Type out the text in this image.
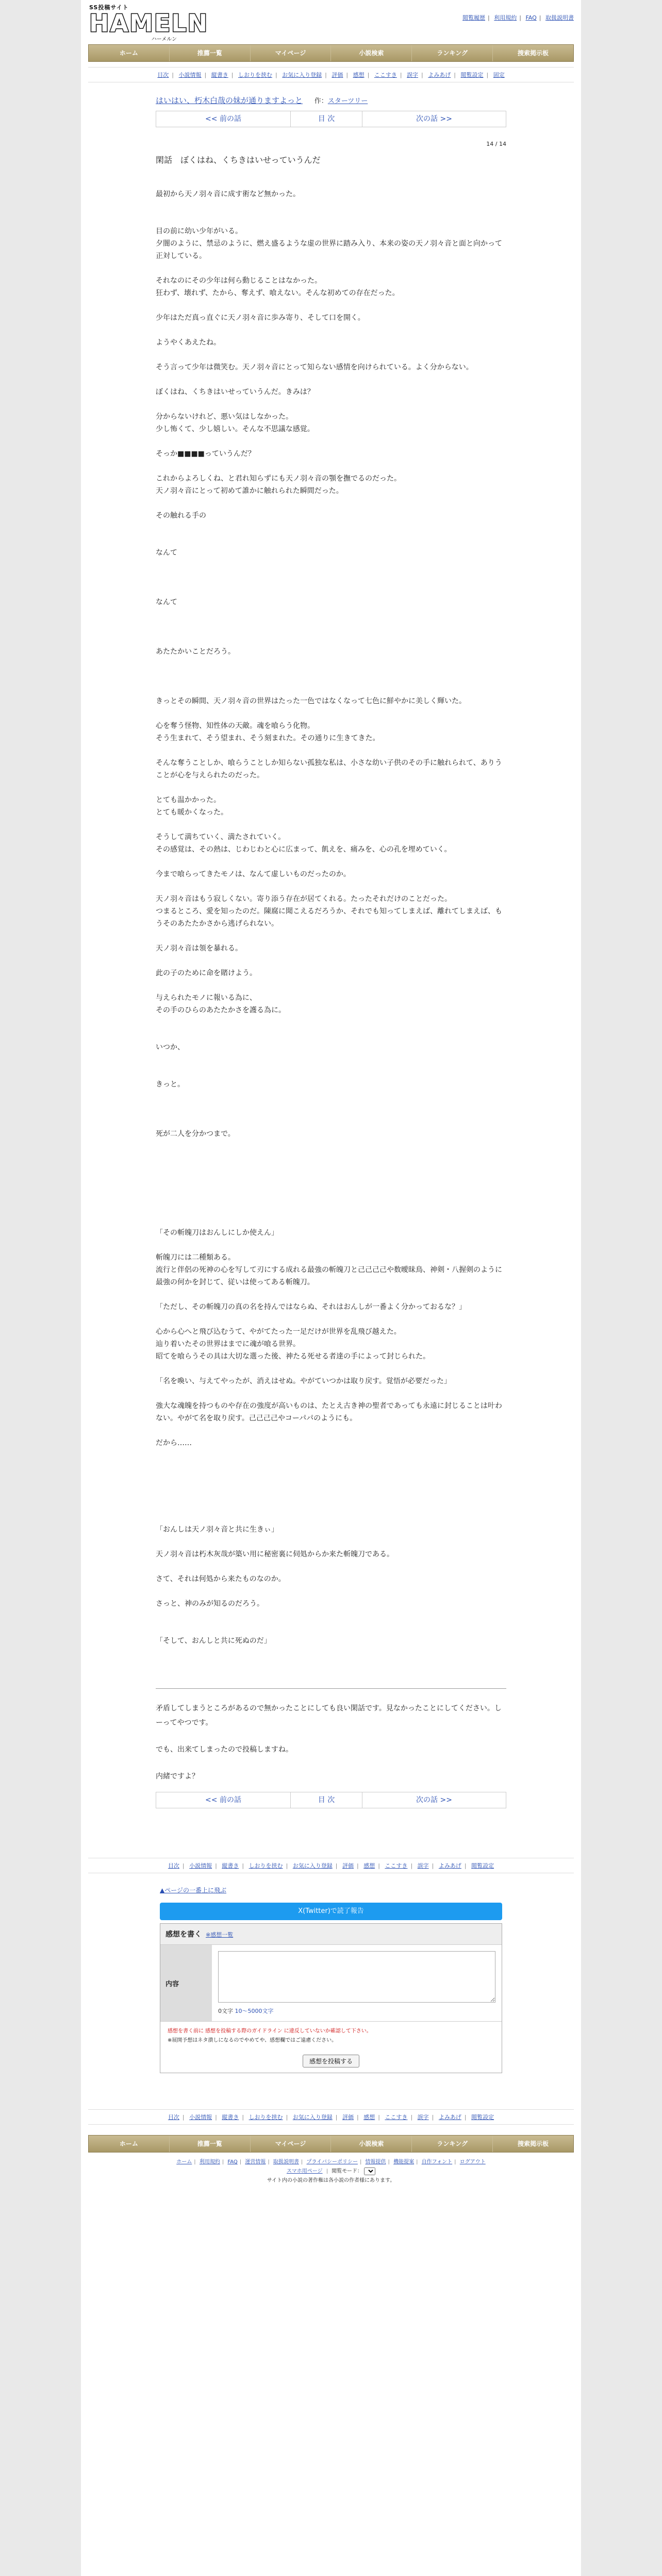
SS投稿サイト
HAMELN
ハーメルン
閲覧履歴 | 利用規約 | FAQ | 取扱説明書
ホーム	推薦一覧	マイページ	小説検索	ランキング	捜索掲示板
目次 | 小説情報 | 縦書き | しおりを挟む | お気に入り登録 | 評価 | 感想 | ここすき | 誤字 | よみあげ | 閲覧設定 | 固定
はいはい、朽木白哉の妹が通りますよっと 作：スターツリー
<< 前の話	目 次	次の話 >>
14 / 14
閑話　ぼくはね、くちきはいせっていうんだ

最初から天ノ羽々音に成す術など無かった。

目の前に幼い少年がいる。

夕闇のように、禁忌のように、燃え盛るような虚の世界に踏み入り、本来の姿の天ノ羽々音と面と向かって正対している。

それなのにその少年は何ら動じることはなかった。

狂わず、壊れず、たから、奪えず、喰えない。そんな初めての存在だった。

少年はただ真っ直ぐに天ノ羽々音に歩み寄り、そして口を開く。

ようやくあえたね。

そう言って少年は微笑む。天ノ羽々音にとって知らない感情を向けられている。よく分からない。

ぼくはね、くちきはいせっていうんだ。きみは？

分からないけれど、悪い気はしなかった。

少し怖くて、少し嬉しい。そんな不思議な感覚。

そっか■■■■っていうんだ？

これからよろしくね、と君れ知らずにも天ノ羽々音の顎を撫でるのだった。

天ノ羽々音にとって初めて誰かに触れられた瞬間だった。

その触れる手の

なんて

なんて

あたたかいことだろう。

きっとその瞬間、天ノ羽々音の世界はたった一色ではなくなって七色に鮮やかに美しく輝いた。

心を奪う怪物、知性体の天敵。魂を喰らう化物。

そう生まれて、そう望まれ、そう刻まれた。その通りに生きてきた。

そんな奪うことしか、喰らうことしか知らない孤独な私は、小さな幼い子供のその手に触れられて、ありうことが心を与えられたのだった。

とても温かかった。

とても暖かくなった。

そうして満ちていく、満たされていく。

その感覚は、その熱は、じわじわと心に広まって、飢えを、痛みを、心の孔を埋めていく。

今まで喰らってきたモノは、なんて虚しいものだったのか。

天ノ羽々音はもう寂しくない。寄り添う存在が居てくれる。たったそれだけのことだった。

つまるところ、愛を知ったのだ。陳腐に聞こえるだろうか、それでも知ってしまえば、離れてしまえば、もうそのあたたかさから逃げられない。

天ノ羽々音は領を暴れる。

此の子のために命を賭けよう。

与えられたモノに報いる為に、

その手のひらのあたたかさを護る為に。

いつか、

きっと。

死が二人を分かつまで。

「その斬魄刀はおんしにしか使えん」

斬魄刀には二種類ある。

流行と伴侶の死神の心を写して刃にする成れる最強の斬魄刀と己己己己や数曖昧鳥、神剣・八握剣のように最強の何かを封じて、従いは使ってある斬魄刀。

「ただし、その斬魄刀の真の名を持んではならぬ、それはおんしが一番よく分かっておるな？」

心から心へと飛び込むうて、やがてたった一足だけが世界を乱飛び越えた。

辿り着いたその世界はまでに魂が喰る世界。

昭てを喰らうその具は大切な選った後、神たる死せる者達の手によって封じられた。

「名を喚い、与えてやったが、消えはせぬ。やがていつかは取り戻す。覚悟が必要だった」

強大な魂魄を持つものや存在の強度が高いものは、たとえ古き神の聖者であっても永遠に封じることは叶わない。やがて名を取り戻す。己己己己やコーパパのようにも。

だから……

「おんしは天ノ羽々音と共に生きぃ」

天ノ羽々音は朽木灰哉が築い用に秘密裏に伺処からか来た斬魄刀である。

さて、それは何処から来たものなのか。

さっと、神のみが知るのだろう。

「そして、おんしと共に死ぬのだ」

矛盾してしまうところがあるので無かったことにしても良い閑話です。見なかったことにしてください。しーってやつです。
でも、出来てしまったので投稿しますね。
内緒ですよ？
<< 前の話	目 次	次の話 >>
目次 | 小説情報 | 縦書き | しおりを挟む | お気に入り登録 | 評価 | 感想 | ここすき | 誤字 | よみあげ | 閲覧設定
▲ページの一番上に飛ぶ
X(Twitter)で読了報告
感想を書く ※感想一覧
内容
0文字 10～5000文字
感想を書く前に 感想を投稿する際のガイドライン に違反していないか確認して下さい。
※展開予想はネタ潰しになるのでやめてや、感想欄ではご遠慮ください。
感想を投稿する
目次 | 小説情報 | 縦書き | しおりを挟む | お気に入り登録 | 評価 | 感想 | ここすき | 誤字 | よみあげ | 閲覧設定
ホーム	推薦一覧	マイページ	小説検索	ランキング	捜索掲示板
ホーム | 利用規約 | FAQ | 運営情報 | 取扱説明書 | プライバシーポリシー | 情報提供 | 機能提案 | 自作フォント | ログアウト
スマホ用ページ | 閲覧モード：
サイト内の小説の著作権は各小説の作者様にあります。
